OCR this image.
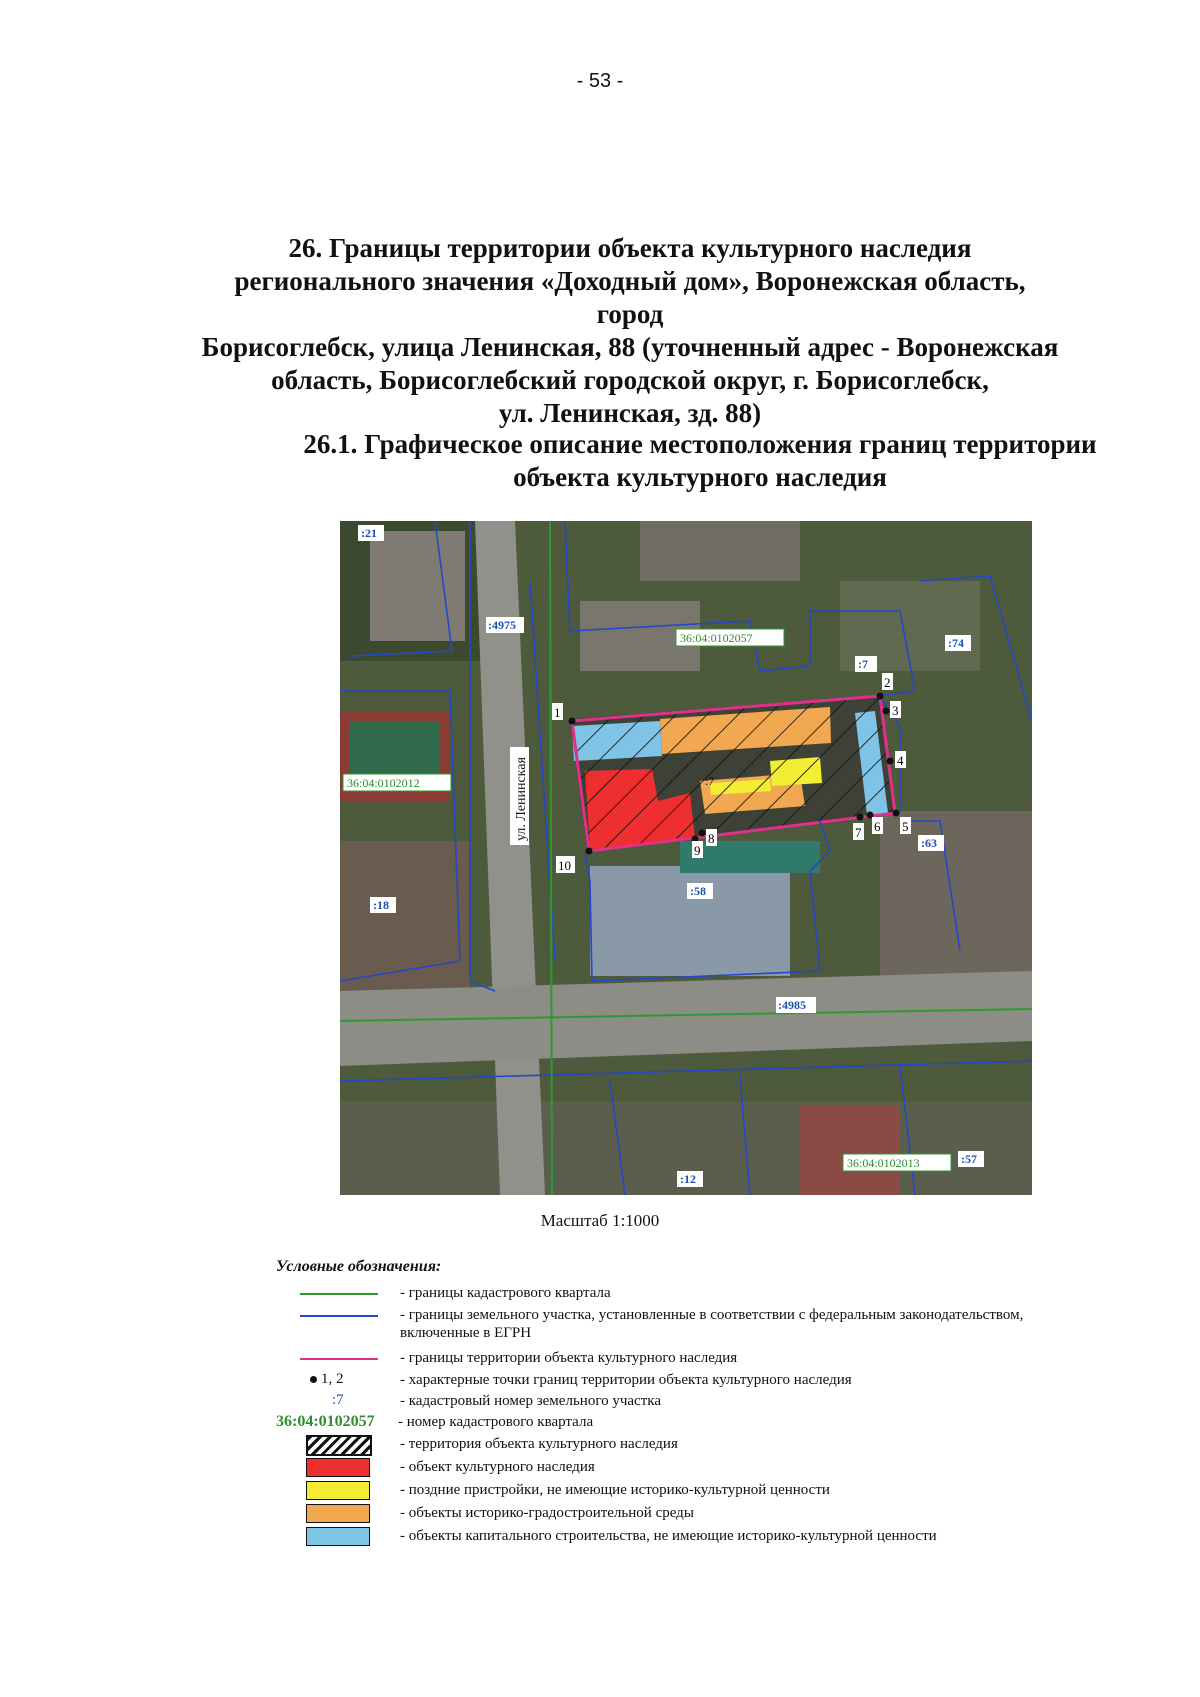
- 53 -
26. Границы территории объекта культурного наследия
регионального значения «Доходный дом», Воронежская область, город
Борисоглебск, улица Ленинская, 88 (уточненный адрес - Воронежская
область, Борисоглебский городской округ, г. Борисоглебск,
ул. Ленинская, зд. 88)
26.1. Графическое описание местоположения границ территории
объекта культурного наследия
1
2
3
4
5
6
7
8
9
10
:21
:4975
:7
:74
:18
:58
:63
:4985
:12
:57
:7
36:04:0102057
36:04:0102012
36:04:0102013
ул. Ленинская
Масштаб 1:1000
Условные обозначения:
- границы кадастрового квартала
- границы земельного участка, установленные в соответствии с федеральным законодательством, включенные в ЕГРН
- границы территории объекта культурного наследия
1, 2	- характерные точки границ территории объекта культурного наследия
:7	- кадастровый номер земельного участка
36:04:0102057 - номер кадастрового квартала
- территория объекта культурного наследия
- объект культурного наследия
- поздние пристройки, не имеющие историко-культурной ценности
- объекты историко-градостроительной среды
- объекты капитального строительства, не имеющие историко-культурной ценности
